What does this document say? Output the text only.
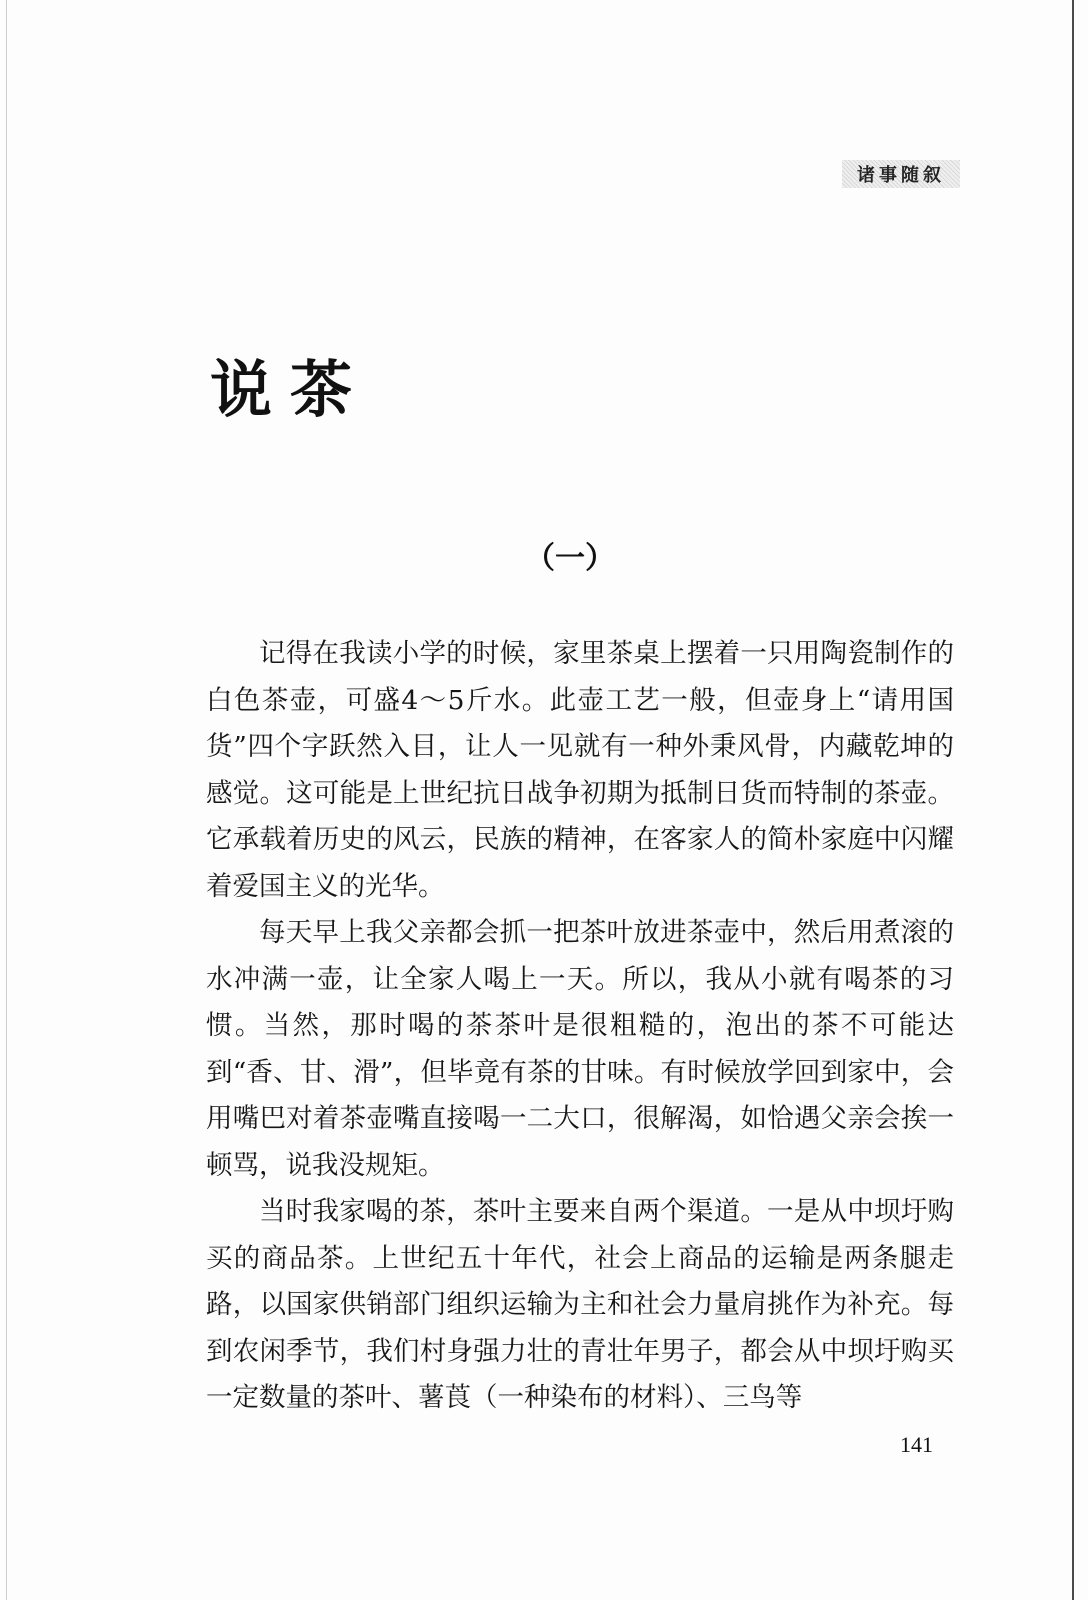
诸事随叙
说茶
（一）

记得在我读小学的时候，家里茶桌上摆着一只用陶瓷制作的白色茶壶，可盛4～5斤水。此壶工艺一般，但壶身上“请用国货”四个字跃然入目，让人一见就有一种外秉风骨，内藏乾坤的感觉。这可能是上世纪抗日战争初期为抵制日货而特制的茶壶。它承载着历史的风云，民族的精神，在客家人的简朴家庭中闪耀着爱国主义的光华。

每天早上我父亲都会抓一把茶叶放进茶壶中，然后用煮滚的水冲满一壶，让全家人喝上一天。所以，我从小就有喝茶的习惯。当然，那时喝的茶茶叶是很粗糙的，泡出的茶不可能达到“香、甘、滑”，但毕竟有茶的甘味。有时候放学回到家中，会用嘴巴对着茶壶嘴直接喝一二大口，很解渴，如恰遇父亲会挨一顿骂，说我没规矩。

当时我家喝的茶，茶叶主要来自两个渠道。一是从中坝圩购买的商品茶。上世纪五十年代，社会上商品的运输是两条腿走路，以国家供销部门组织运输为主和社会力量肩挑作为补充。每到农闲季节，我们村身强力壮的青壮年男子，都会从中坝圩购买一定数量的茶叶、薯莨（一种染布的材料）、三鸟等

141
